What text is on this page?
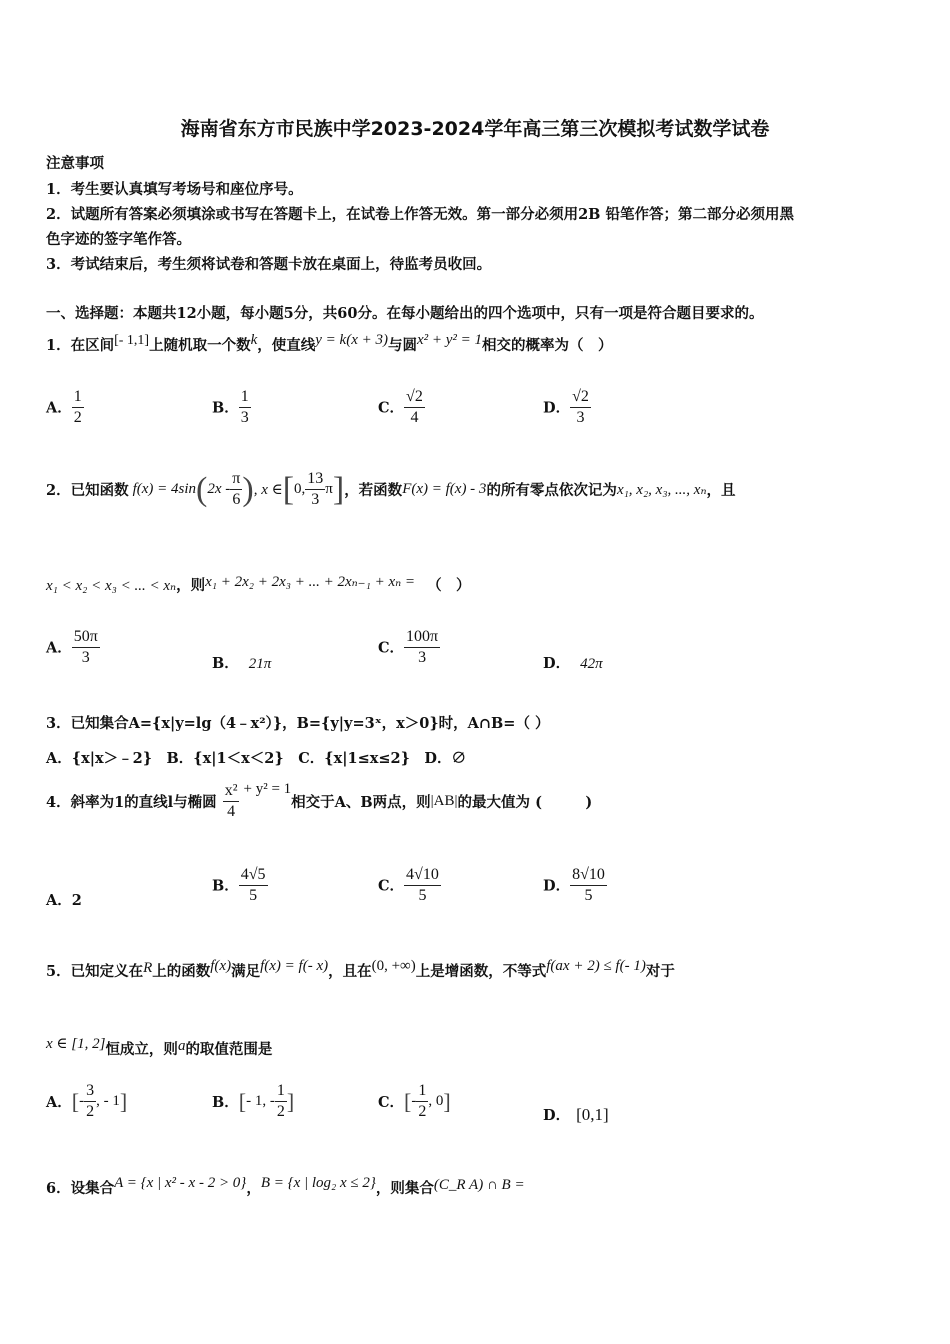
海南省东方市民族中学2023-2024学年高三第三次模拟考试数学试卷
注意事项
1．考生要认真填写考场号和座位序号。
2．试题所有答案必须填涂或书写在答题卡上，在试卷上作答无效。第一部分必须用2B 铅笔作答；第二部分必须用黑
色字迹的签字笔作答。
3．考试结束后，考生须将试卷和答题卡放在桌面上，待监考员收回。
一、选择题：本题共12小题，每小题5分，共60分。在每小题给出的四个选项中，只有一项是符合题目要求的。
1．在区间[- 1,1]上随机取一个数$^k$，使直线$^{y = k(x + 3)}$与圆$^{x^2 + y^2 = 1}$相交的概率为（　）
A． $\frac{1}{2}$	B． $\frac{1}{3}$	C． $\frac{√2}{4}$	D． $\frac{√2}{3}$
2．已知函数 f(x) = 4sin ( $2x - \frac{\pi}{6}$ ) , x ∈ [ 0, $\frac{13}{3}$ π ] ，若函数 F(x) = f(x) - 3 的所有零点依次记为 x₁, x₂, x₃, ..., xₙ ，且
x₁ < x₂ < x₃ < ... < xₙ，则$^{x_1 + 2x_2 + 2x_3 + ... + 2x_{n-1} + x_n =}$ （　）
A． $\frac{50\pi}{3}$	B． 21π
C． $\frac{100\pi}{3}$	D． 42π
3．已知集合A={x|y=lg（4﹣x²）}，B={y|y=3ˣ，x＞0}时，A∩B=（ ）
A．{x|x＞﹣2}　B．{x|1＜x＜2}　C．{x|1≤x≤2}　D．∅
4．斜率为1的直线l与椭圆 $\frac{\text{x²}}{4} + y^2 = 1$
相交于A、B两点，则 |AB| 的最大值为 (　　　)
A．2
B． $\frac{4√5}{5}$	C． $\frac{4√10}{5}$	D． $\frac{8√10}{5}$
5．已知定义在$^R$上的函数$^{f(x)}$满足$^{f(x) = f(- x)}$，且在$^{(0, +\infty)}$上是增函数，不等式$^{f(ax + 2) \le f(- 1)}$对于
$^{x \in [1, 2]}$恒成立，则$^a$的取值范围是
A． [ - $\frac{3}{2}$ , - 1 ]	B． [ - 1, - $\frac{1}{2}$ ]	C． [ - $\frac{1}{2}$ , 0 ]
D． [0,1]
6．设集合$^{A = \{x | x^2 - x - 2 > 0\}}$，$^{B = \{x | log_2 x \le 2\}}$，则集合$^{(C\_R A) \cap B =}$
